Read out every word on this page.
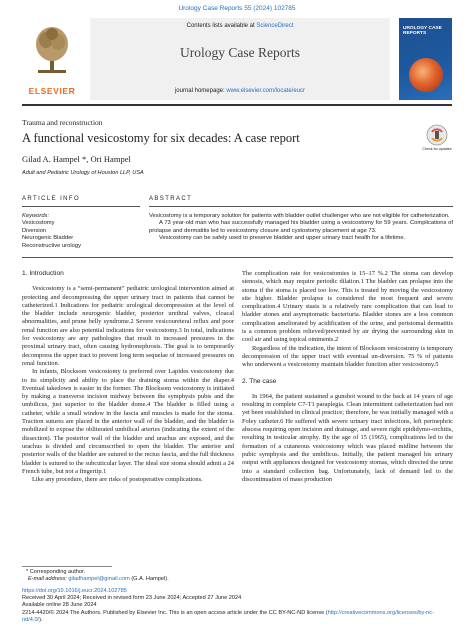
Urology Case Reports 55 (2024) 102785
ELSEVIER
Contents lists available at ScienceDirect
Urology Case Reports
journal homepage: www.elsevier.com/locate/eucr
UROLOGY CASE REPORTS
Trauma and reconstruction
Check for updates
A functional vesicostomy for six decades: A case report
Gilad A. Hampel *, Ori Hampel
Adult and Pediatric Urology of Houston LLP, USA
ARTICLE INFO	ABSTRACT
Keywords:
Vesicostomy
Diversion
Neurogenic Bladder
Reconstructive urology

Vesicostomy is a temporary solution for patients with bladder outlet challenger who are not eligible for catheterization.

A 73 year-old man who has successfully managed his bladder using a vesicostomy for 59 years. Complications of prolapse and dermatitis led to vesicostomy closure and cystostomy placement at age 73.

Vesicostomy can be safely used to preserve bladder and upper urinary tract health for a lifetime.

1. Introduction

Vesicostomy is a “semi-permanent” pediatric urological intervention aimed at protecting and decompressing the upper urinary tract in patients that cannot be catheterized.1 Indications for pediatric urological decompression at the level of the bladder include neurogenic bladder, posterior urethral valves, cloacal abnormalities, and prune belly syndrome.2 Severe vesicoureteral reflux and poor renal function are also potential indications for vesicostomy.3 In total, indications for vesicostomy are any pathologies that result in increased pressures in the proximal urinary tract, often causing hydronephrosis. The goal is to temporarily decompress the upper tract to prevent long term sequelae of increased pressures on renal function.

In infants, Blocksom vesicostomy is preferred over Lapides vesicostomy due to its simplicity and ability to place the draining stoma within the diaper.4 Eventual takedown is easier in the former. The Blocksom vesicostomy is initiated by making a transverse incision midway between the symphysis pubis and the umbilicus, just superior to the bladder dome.4 The bladder is filled using a catheter, while a small window in the fascia and muscles is made for the stoma. Traction sutures are placed in the anterior wall of the bladder, and the bladder is mobilized to expose the obliterated umbilical arteries (indicating the extent of the dissection). The posterior wall of the bladder and urachus are exposed, and the urachus is divided and circumscribed to open the bladder. The anterior and posterior walls of the bladder are sutured to the rectus fascia, and the full thickness bladder is sutured to the subcuticular layer. The ideal size stoma should admit a 24 French tube, but not a fingertip.1

Like any procedure, there are risks of postoperative complications.

The complication rate for vesicostomies is 15–17 %.2 The stoma can develop stenosis, which may require periodic dilation.1 The bladder can prolapse into the stoma if the stoma is placed too low. This is treated by moving the vesicostomy site higher. Bladder prolapse is considered the most frequent and severe complication.4 Urinary stasis is a relatively rare complication that can lead to bladder stones and asymptomatic bacteriuria. Bladder stones are a less common complication ameliorated by acidification of the urine, and peristomal dermatitis is a common problem relieved/prevented by air drying the surrounding skin in cool air and using topical ointments.2

Regardless of the indication, the intent of Blocksom vesicostomy is temporary decompression of the upper tract with eventual un-diversion. 75 % of patients who underwent a vesicostomy maintain bladder function after vesicostomy.5

2. The case

In 1964, the patient sustained a gunshot wound to the back at 14 years of age resulting in complete C7-T1 paraplegia. Clean intermittent catheterization had not yet been established in clinical practice; therefore, he was initially managed with a Foley catheter.6 He suffered with severe urinary tract infections, left perinephric abscess requiring open incision and drainage, and severe right epididymo-orchitis, resulting in testicular atrophy. By the age of 15 (1965), complications led to the formation of a cutaneous vesicostomy which was placed midline between the pubic symphysis and the umbilicus. Initially, the patient managed his urinary output with appliances designed for vesicostomy stomas, which directed the urine into a standard collection bag. Unfortunately, lack of demand led to the discontinuation of mass production

* Corresponding author.
E-mail address: giladhampel@gmail.com (G.A. Hampel).
https://doi.org/10.1016/j.eucr.2024.102785
Received 30 April 2024; Received in revised form 23 June 2024; Accepted 27 June 2024
Available online 28 June 2024
2214-4420/© 2024 The Authors. Published by Elsevier Inc. This is an open access article under the CC BY-NC-ND license (http://creativecommons.org/licenses/by-nc-nd/4.0/).
